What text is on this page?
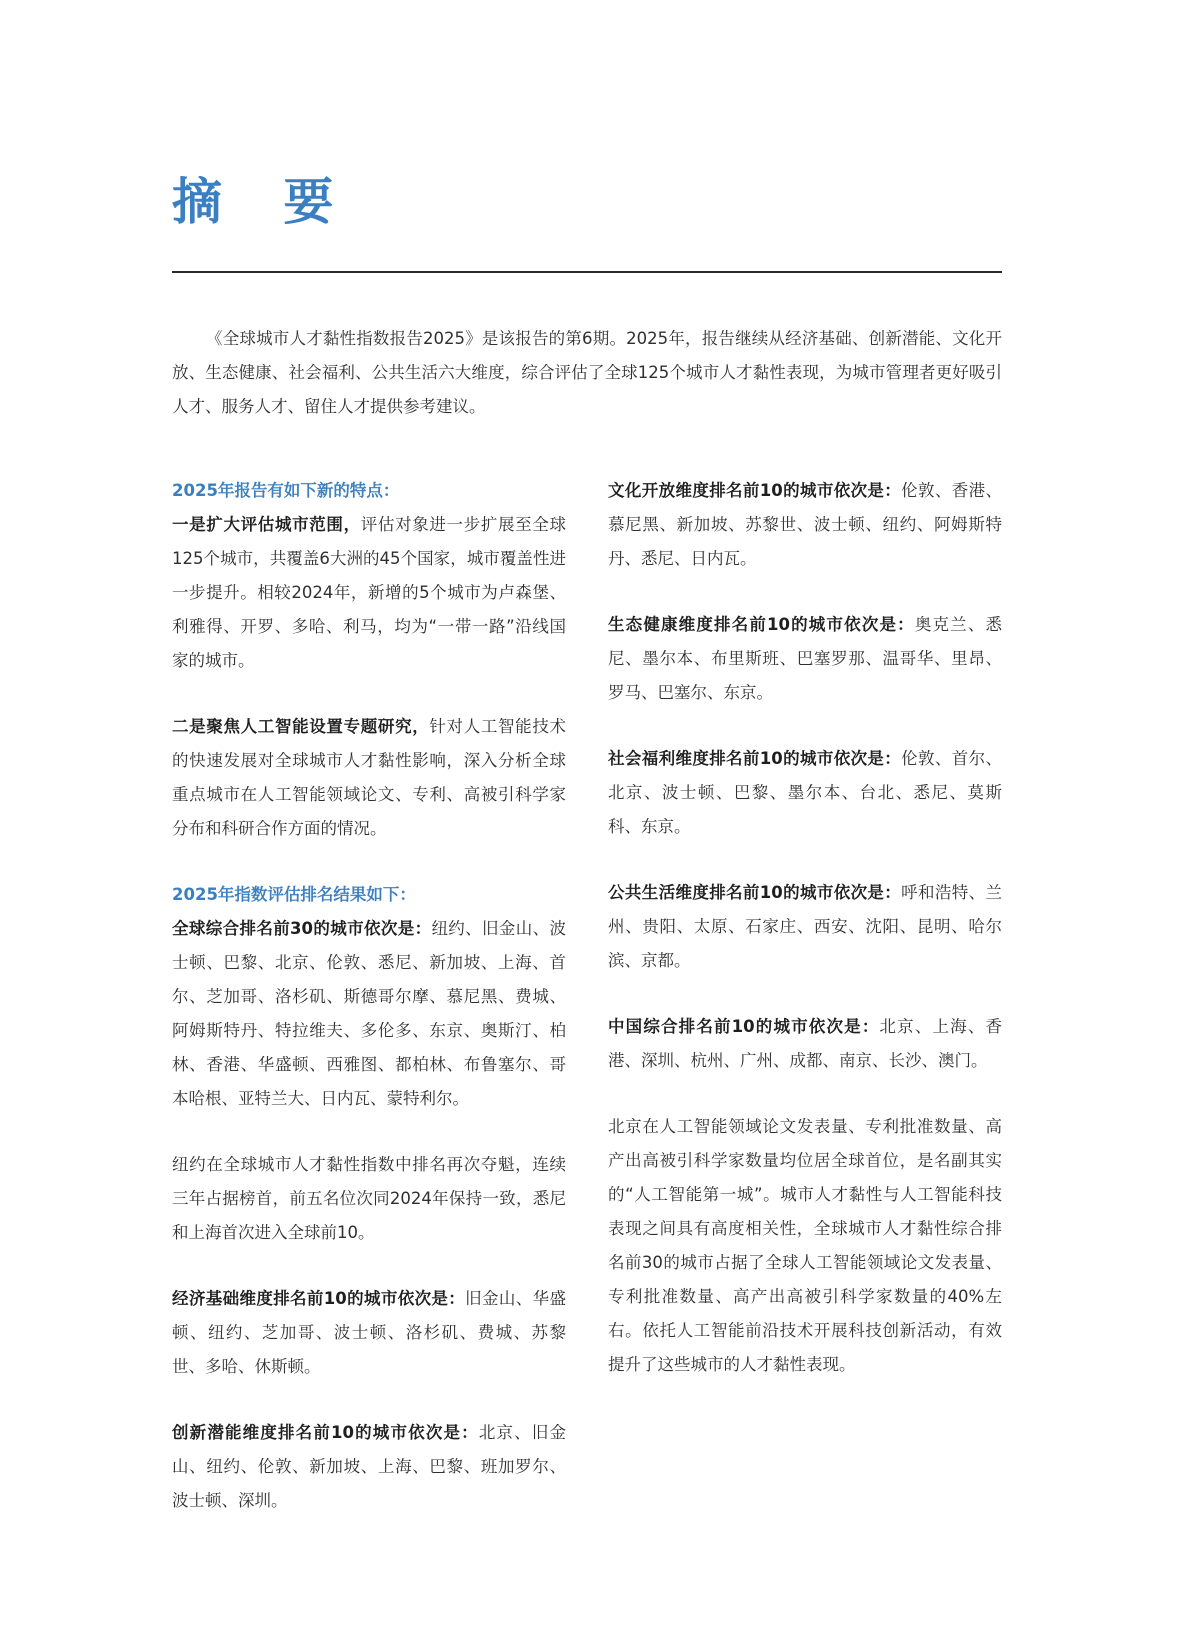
摘 要

《全球城市人才黏性指数报告2025》是该报告的第6期。2025年，报告继续从经济基础、创新潜能、文化开放、生态健康、社会福利、公共生活六大维度，综合评估了全球125个城市人才黏性表现，为城市管理者更好吸引人才、服务人才、留住人才提供参考建议。

2025年报告有如下新的特点：
一是扩大评估城市范围，评估对象进一步扩展至全球125个城市，共覆盖6大洲的45个国家，城市覆盖性进一步提升。相较2024年，新增的5个城市为卢森堡、利雅得、开罗、多哈、利马，均为“一带一路”沿线国家的城市。

二是聚焦人工智能设置专题研究，针对人工智能技术的快速发展对全球城市人才黏性影响，深入分析全球重点城市在人工智能领域论文、专利、高被引科学家分布和科研合作方面的情况。

2025年指数评估排名结果如下：
全球综合排名前30的城市依次是：纽约、旧金山、波士顿、巴黎、北京、伦敦、悉尼、新加坡、上海、首尔、芝加哥、洛杉矶、斯德哥尔摩、慕尼黑、费城、阿姆斯特丹、特拉维夫、多伦多、东京、奥斯汀、柏林、香港、华盛顿、西雅图、都柏林、布鲁塞尔、哥本哈根、亚特兰大、日内瓦、蒙特利尔。

纽约在全球城市人才黏性指数中排名再次夺魁，连续三年占据榜首，前五名位次同2024年保持一致，悉尼和上海首次进入全球前10。

经济基础维度排名前10的城市依次是：旧金山、华盛顿、纽约、芝加哥、波士顿、洛杉矶、费城、苏黎世、多哈、休斯顿。

创新潜能维度排名前10的城市依次是：北京、旧金山、纽约、伦敦、新加坡、上海、巴黎、班加罗尔、波士顿、深圳。

文化开放维度排名前10的城市依次是：伦敦、香港、慕尼黑、新加坡、苏黎世、波士顿、纽约、阿姆斯特丹、悉尼、日内瓦。

生态健康维度排名前10的城市依次是：奥克兰、悉尼、墨尔本、布里斯班、巴塞罗那、温哥华、里昂、罗马、巴塞尔、东京。

社会福利维度排名前10的城市依次是：伦敦、首尔、北京、波士顿、巴黎、墨尔本、台北、悉尼、莫斯科、东京。

公共生活维度排名前10的城市依次是：呼和浩特、兰州、贵阳、太原、石家庄、西安、沈阳、昆明、哈尔滨、京都。

中国综合排名前10的城市依次是：北京、上海、香港、深圳、杭州、广州、成都、南京、长沙、澳门。

北京在人工智能领域论文发表量、专利批准数量、高产出高被引科学家数量均位居全球首位，是名副其实的“人工智能第一城”。城市人才黏性与人工智能科技表现之间具有高度相关性，全球城市人才黏性综合排名前30的城市占据了全球人工智能领域论文发表量、专利批准数量、高产出高被引科学家数量的40%左右。依托人工智能前沿技术开展科技创新活动，有效提升了这些城市的人才黏性表现。
